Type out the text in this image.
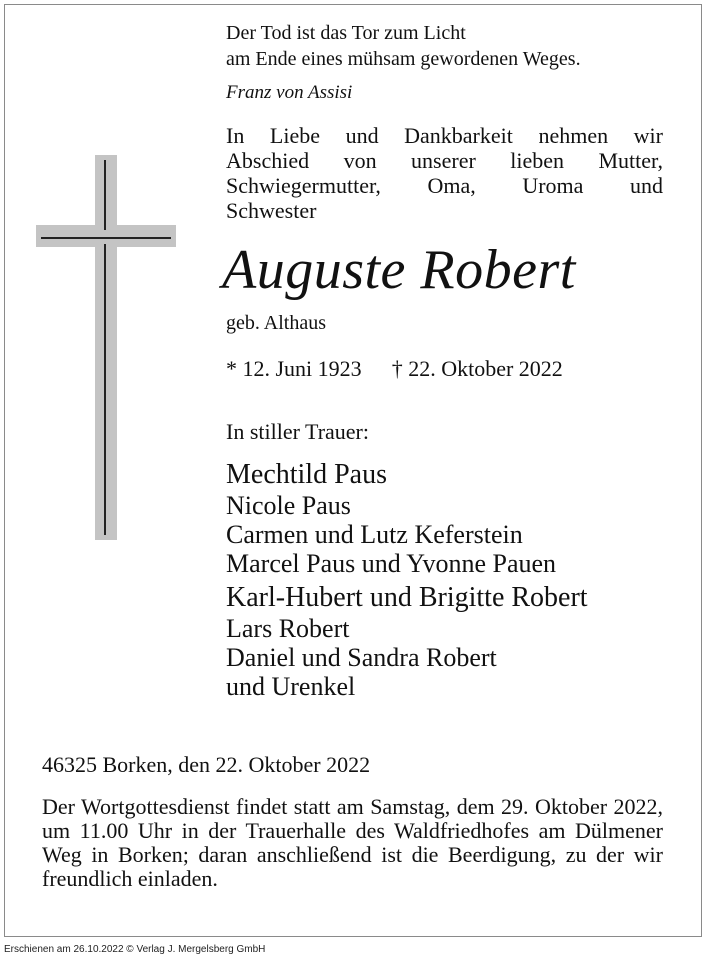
Der Tod ist das Tor zum Licht
am Ende eines mühsam gewordenen Weges.
Franz von Assisi
In Liebe und Dankbarkeit nehmen wir
Abschied von unserer lieben Mutter,
Schwiegermutter, Oma, Uroma und
Schwester
Auguste Robert
geb. Althaus
* 12. Juni 1923 † 22. Oktober 2022
In stiller Trauer:
Mechtild Paus
Nicole Paus
Carmen und Lutz Keferstein
Marcel Paus und Yvonne Pauen
Karl-Hubert und Brigitte Robert
Lars Robert
Daniel und Sandra Robert
und Urenkel
46325 Borken, den 22. Oktober 2022
Der Wortgottesdienst findet statt am Samstag, dem 29. Oktober 2022, um 11.00 Uhr in der Trauerhalle des Waldfriedhofes am Dülmener Weg in Borken; daran anschließend ist die Beerdigung, zu der wir freundlich einladen.
Erschienen am 26.10.2022 © Verlag J. Mergelsberg GmbH
